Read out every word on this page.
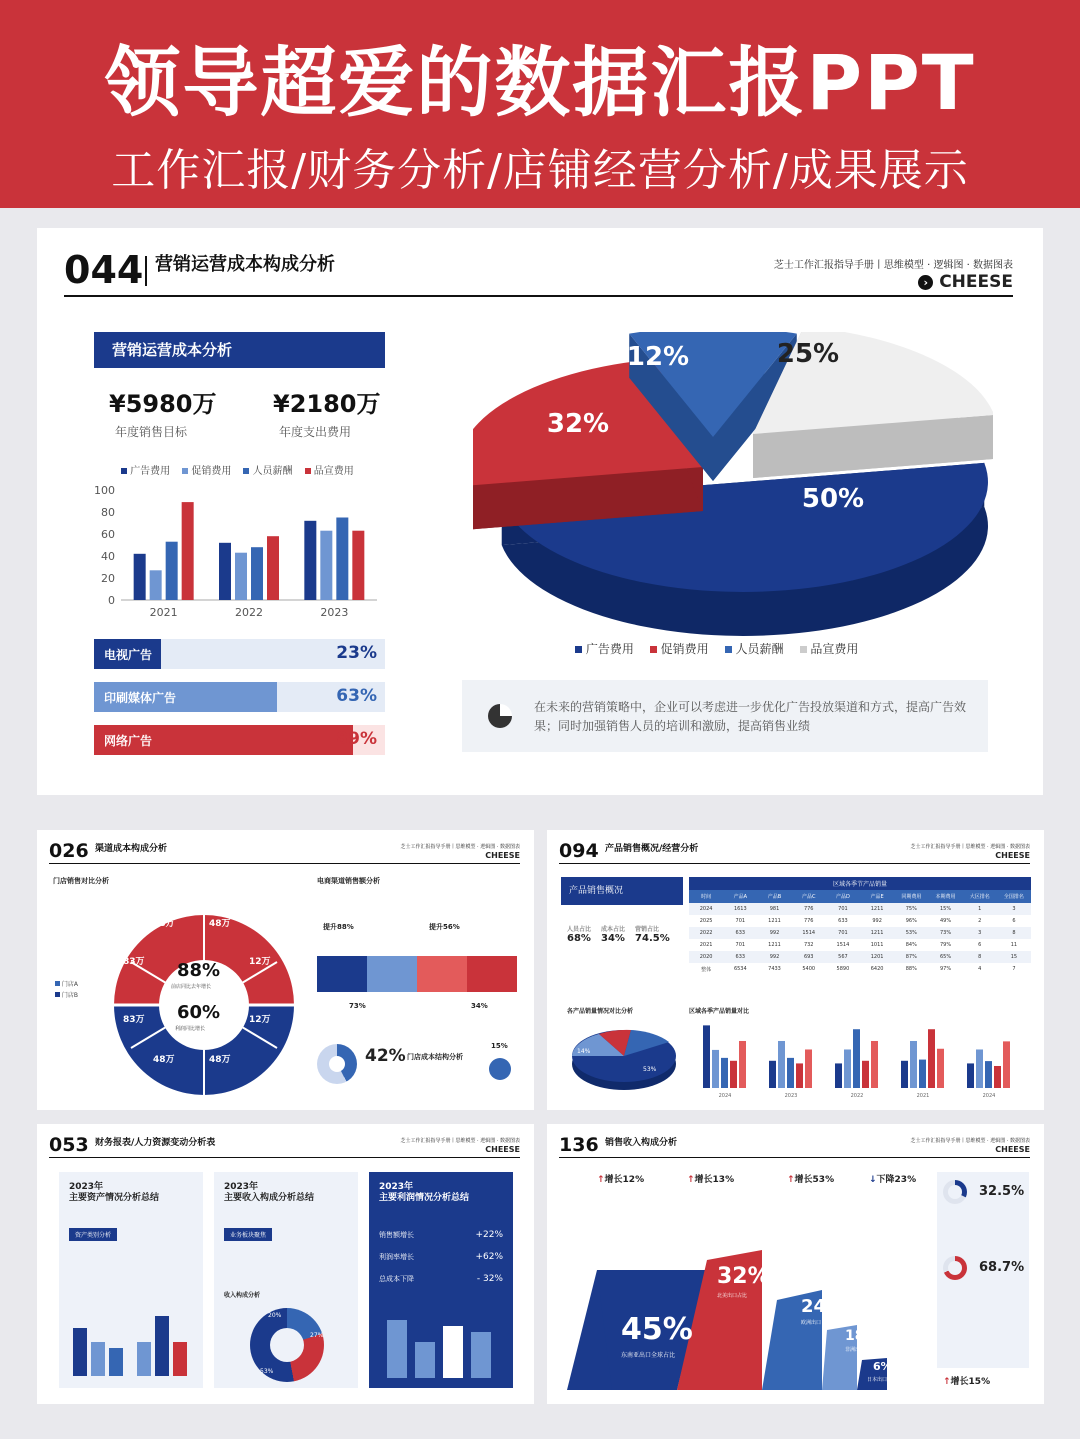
领导超爱的数据汇报PPT
工作汇报/财务分析/店铺经营分析/成果展示
044 营销运营成本构成分析	芝士工作汇报指导手册丨思维模型 · 逻辑图 · 数据图表
› CHEESE
营销运营成本分析
¥5980万
年度销售目标
¥2180万
年度支出费用
广告费用	促销费用	人员薪酬	品宣费用
100
80
60
40
20
0
2021	2022	2023
电视广告	23%
印刷媒体广告	63%
网络广告	89%
50%
32%
12%	25%
广告费用	促销费用	人员薪酬	品宣费用
在未来的营销策略中，企业可以考虑进一步优化广告投放渠道和方式，提高广告效果；同时加强销售人员的培训和激励，提高销售业绩
026 渠道成本构成分析	芝士工作汇报指导手册丨思维模型 · 逻辑图 · 数据图表
CHEESE
门店销售对比分析	电商渠道销售额分析
门店A
门店B
48万	48万
83万	12万
83万	12万
48万	48万
88%
前店同比去年增长
60%
利润同比增长
提升88%	提升56%
73%	34%
42% 门店成本结构分析
15%
094 产品销售概况/经营分析	芝士工作汇报指导手册丨思维模型 · 逻辑图 · 数据图表
CHEESE
产品销售概况
人员占比
68%
成本占比
34%
营销占比
74.5%
各产品销量情况对比分析
53%
14%
区域各季节产品销量
时间	产品A	产品B	产品C	产品D	产品E	同期费用	本期费用	大区排名	全国排名
2024	1613	981	776	701	1211	75%	15%	1	3
2025	701	1211	776	633	992	96%	49%	2	6
2022	633	992	1514	701	1211	53%	73%	3	8
2021	701	1211	732	1514	1011	84%	79%	6	11
2020	633	992	693	567	1201	87%	65%	8	15
整体	6534	7433	5400	5890	6420	88%	97%	4	7
区域各季产品销量对比
2024	2023	2022	2021	2024
053 财务报表/人力资源变动分析表	芝士工作汇报指导手册丨思维模型 · 逻辑图 · 数据图表
CHEESE
2023年
主要资产情况分析总结
资产类别分析
2023年
主要收入构成分析总结
业务板块聚焦
收入构成分析
20%
27%
53%
2023年
主要利润情况分析总结
销售额增长	+22%
利润率增长	+62%
总成本下降	- 32%
136 销售收入构成分析	芝士工作汇报指导手册丨思维模型 · 逻辑图 · 数据图表
CHEESE
↑增长12%	↑增长13%	↑增长53%	↓下降23%
45%
东南亚出口全球占比
32%
北美出口占比	24%
欧洲出口
18%
非洲出口
6%
日本出口
32.5%
68.7%
↑增长15%
